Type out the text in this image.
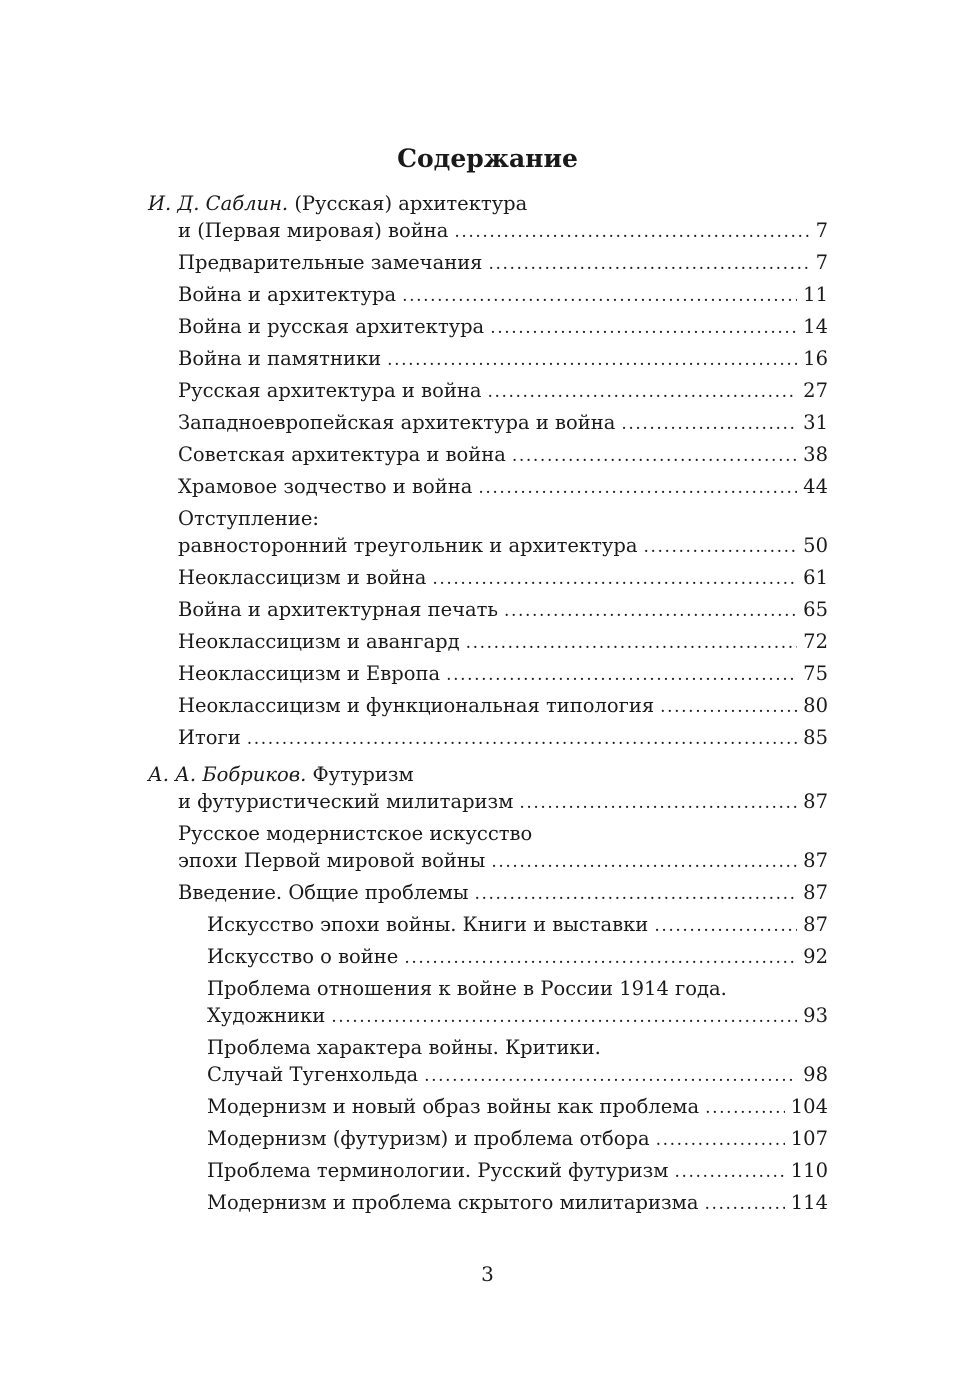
Содержание
И. Д. Саблин. (Русская) архитектура
и (Первая мировая) война .....	7
Предварительные замечания .....	7
Война и архитектура .....	11
Война и русская архитектура .....	14
Война и памятники .....	16
Русская архитектура и война .....	27
Западноевропейская архитектура и война .....	31
Советская архитектура и война .....	38
Храмовое зодчество и война .....	44
Отступление:
равносторонний треугольник и архитектура .....	50
Неоклассицизм и война .....	61
Война и архитектурная печать .....	65
Неоклассицизм и авангард .....	72
Неоклассицизм и Европа .....	75
Неоклассицизм и функциональная типология .....	80
Итоги .....	85
А. А. Бобриков. Футуризм
и футуристический милитаризм .....	87
Русское модернистское искусство
эпохи Первой мировой войны .....	87
Введение. Общие проблемы .....	87
Искусство эпохи войны. Книги и выставки .....	87
Искусство о войне .....	92
Проблема отношения к войне в России 1914 года.
Художники .....	93
Проблема характера войны. Критики.
Случай Тугенхольда .....	98
Модернизм и новый образ войны как проблема .....	104
Модернизм (футуризм) и проблема отбора .....	107
Проблема терминологии. Русский футуризм .....	110
Модернизм и проблема скрытого милитаризма .....	114
3
